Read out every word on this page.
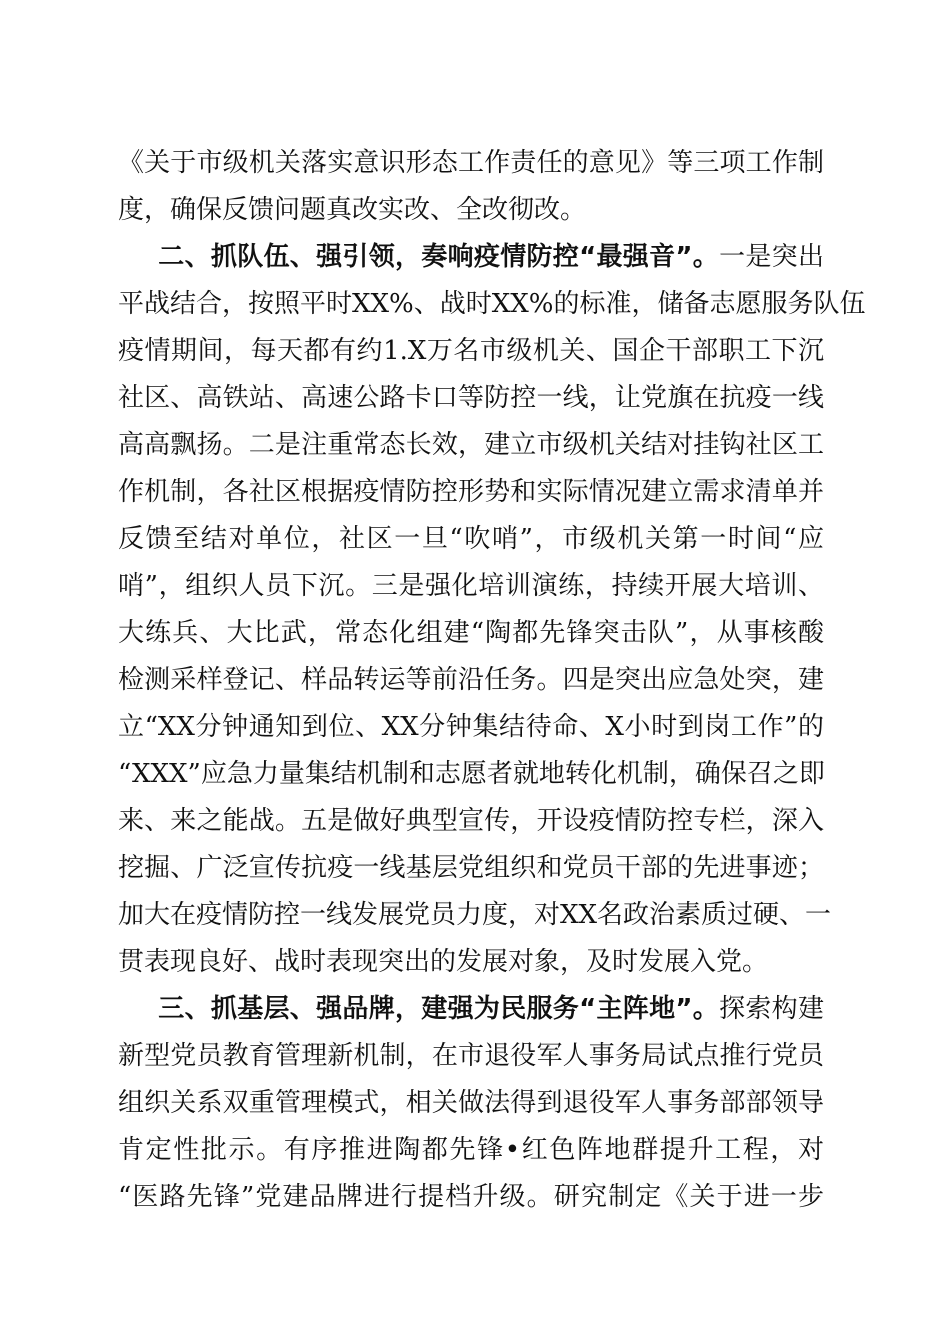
《关于市级机关落实意识形态工作责任的意见》等三项工作制
度，确保反馈问题真改实改、全改彻改。
二、抓队伍、强引领，奏响疫情防控“最强音”。一是突出
平战结合，按照平时XX%、战时XX%的标准，储备志愿服务队伍
疫情期间，每天都有约1.X万名市级机关、国企干部职工下沉
社区、高铁站、高速公路卡口等防控一线，让党旗在抗疫一线
高高飘扬。二是注重常态长效，建立市级机关结对挂钩社区工
作机制，各社区根据疫情防控形势和实际情况建立需求清单并
反馈至结对单位，社区一旦“吹哨”，市级机关第一时间“应
哨”，组织人员下沉。三是强化培训演练，持续开展大培训、
大练兵、大比武，常态化组建“陶都先锋突击队”，从事核酸
检测采样登记、样品转运等前沿任务。四是突出应急处突，建
立“XX分钟通知到位、XX分钟集结待命、X小时到岗工作”的
“XXX”应急力量集结机制和志愿者就地转化机制，确保召之即
来、来之能战。五是做好典型宣传，开设疫情防控专栏，深入
挖掘、广泛宣传抗疫一线基层党组织和党员干部的先进事迹；
加大在疫情防控一线发展党员力度，对XX名政治素质过硬、一
贯表现良好、战时表现突出的发展对象，及时发展入党。
三、抓基层、强品牌，建强为民服务“主阵地”。探索构建
新型党员教育管理新机制，在市退役军人事务局试点推行党员
组织关系双重管理模式，相关做法得到退役军人事务部部领导
肯定性批示。有序推进陶都先锋•红色阵地群提升工程，对
“医路先锋”党建品牌进行提档升级。研究制定《关于进一步
